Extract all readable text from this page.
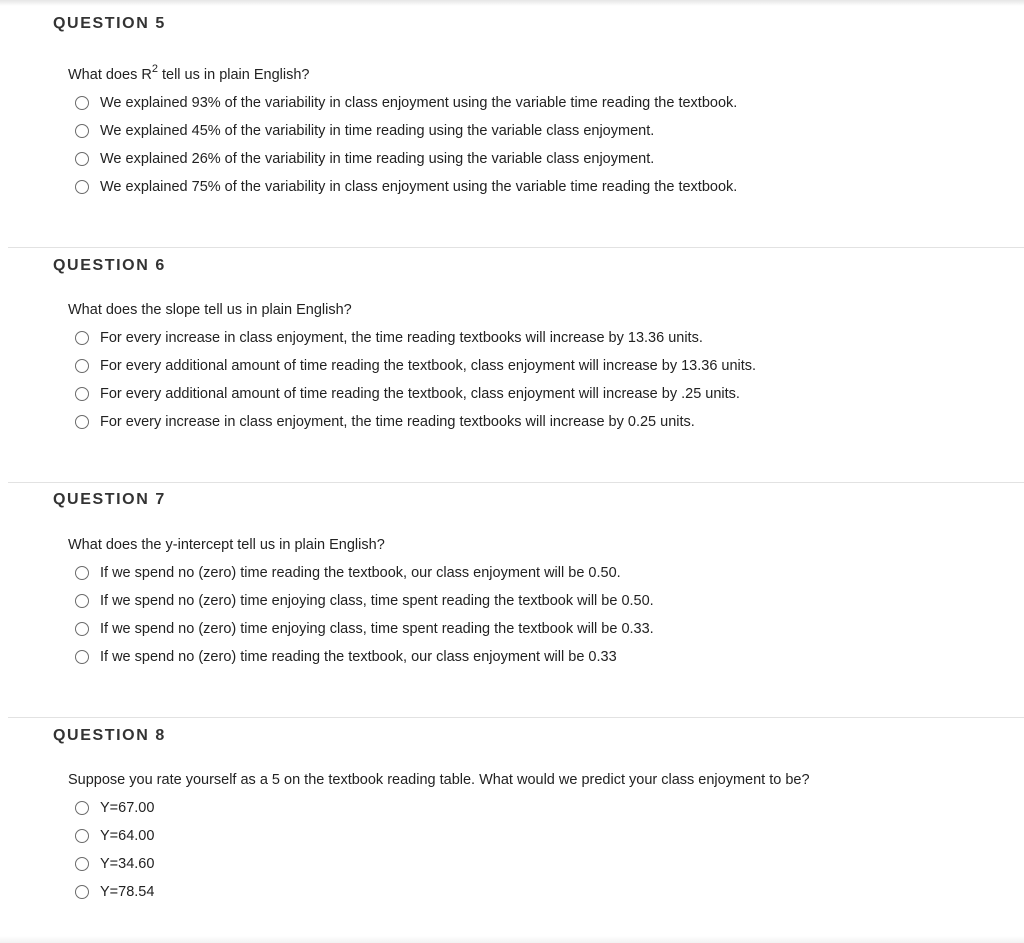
QUESTION 5
What does $R^2$ tell us in plain English?
We explained 93% of the variability in class enjoyment using the variable time reading the textbook.
We explained 45% of the variability in time reading using the variable class enjoyment.
We explained 26% of the variability in time reading using the variable class enjoyment.
We explained 75% of the variability in class enjoyment using the variable time reading the textbook.
QUESTION 6
What does the slope tell us in plain English?
For every increase in class enjoyment, the time reading textbooks will increase by 13.36 units.
For every additional amount of time reading the textbook, class enjoyment will increase by 13.36 units.
For every additional amount of time reading the textbook, class enjoyment will increase by .25 units.
For every increase in class enjoyment, the time reading textbooks will increase by 0.25 units.
QUESTION 7
What does the y-intercept tell us in plain English?
If we spend no (zero) time reading the textbook, our class enjoyment will be 0.50.
If we spend no (zero) time enjoying class, time spent reading the textbook will be 0.50.
If we spend no (zero) time enjoying class, time spent reading the textbook will be 0.33.
If we spend no (zero) time reading the textbook, our class enjoyment will be 0.33
QUESTION 8
Suppose you rate yourself as a 5 on the textbook reading table. What would we predict your class enjoyment to be?
Y=67.00
Y=64.00
Y=34.60
Y=78.54
